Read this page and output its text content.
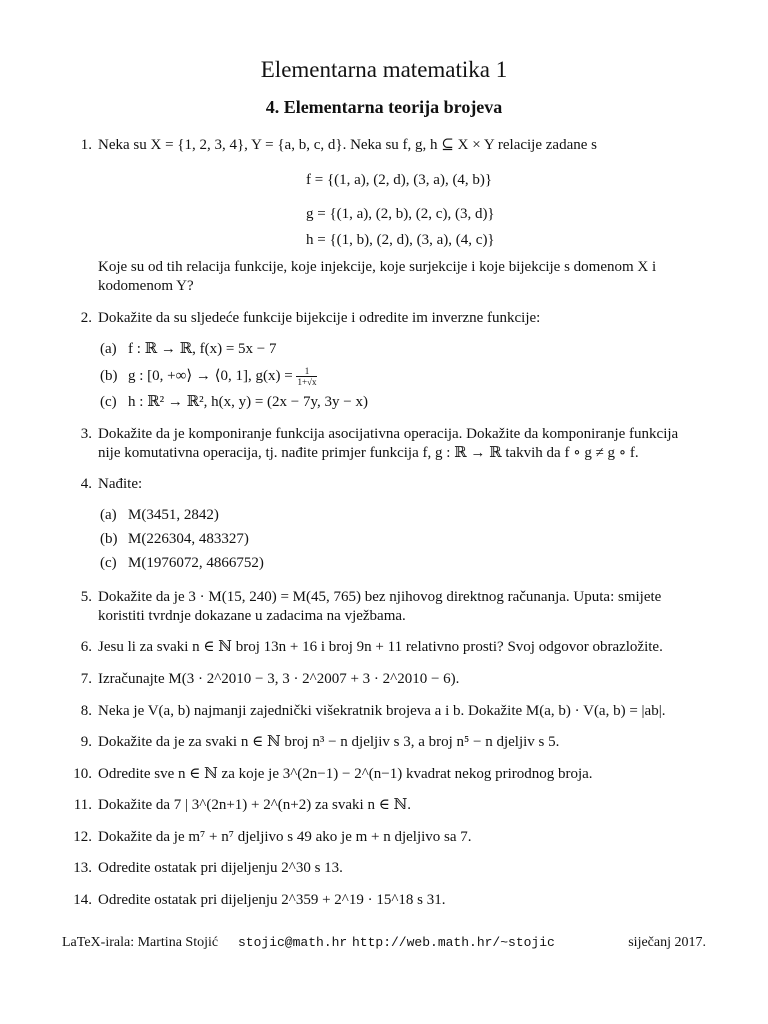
Elementarna matematika 1
4. Elementarna teorija brojeva
1. Neka su X = {1, 2, 3, 4}, Y = {a, b, c, d}. Neka su f, g, h ⊆ X × Y relacije zadane s
f = {(1, a), (2, d), (3, a), (4, b)}
g = {(1, a), (2, b), (2, c), (3, d)}
h = {(1, b), (2, d), (3, a), (4, c)}
Koje su od tih relacija funkcije, koje injekcije, koje surjekcije i koje bijekcije s domenom X i
kodomenom Y?
2. Dokažite da su sljedeće funkcije bijekcije i odredite im inverzne funkcije:
(a) f : ℝ → ℝ, f(x) = 5x − 7
(b) g : [0, +∞⟩ → ⟨0, 1], $g(x) = \frac{1}{1+√x}$
(c) h : ℝ² → ℝ², h(x, y) = (2x − 7y, 3y − x)
3. Dokažite da je komponiranje funkcija asocijativna operacija. Dokažite da komponiranje funkcija
nije komutativna operacija, tj. nađite primjer funkcija f, g : ℝ → ℝ takvih da f ∘ g ≠ g ∘ f.
4. Nađite:
(a) M(3451, 2842)
(b) M(226304, 483327)
(c) M(1976072, 4866752)
5. Dokažite da je 3 · M(15, 240) = M(45, 765) bez njihovog direktnog računanja. Uputa: smijete
koristiti tvrdnje dokazane u zadacima na vježbama.
6. Jesu li za svaki n ∈ ℕ broj 13n + 16 i broj 9n + 11 relativno prosti? Svoj odgovor obrazložite.
7. Izračunajte M(3 · 2^2010 − 3, 3 · 2^2007 + 3 · 2^2010 − 6).
8. Neka je V(a, b) najmanji zajednički višekratnik brojeva a i b. Dokažite M(a, b) · V(a, b) = |ab|.
9. Dokažite da je za svaki n ∈ ℕ broj n³ − n djeljiv s 3, a broj n⁵ − n djeljiv s 5.
10. Odredite sve n ∈ ℕ za koje je 3^(2n−1) − 2^(n−1) kvadrat nekog prirodnog broja.
11. Dokažite da 7 | 3^(2n+1) + 2^(n+2) za svaki n ∈ ℕ.
12. Dokažite da je m⁷ + n⁷ djeljivo s 49 ako je m + n djeljivo sa 7.
13. Odredite ostatak pri dijeljenju 2^30 s 13.
14. Odredite ostatak pri dijeljenju 2^359 + 2^19 · 15^18 s 31.
LaTeX-irala: Martina Stojić stojic@math.hr http://web.math.hr/~stojic	siječanj 2017.
